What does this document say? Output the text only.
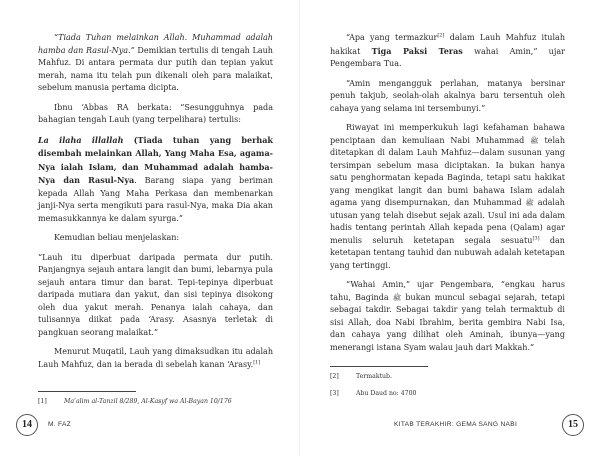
“Tiada Tuhan melainkan Allah. Muhammad adalah hamba dan Rasul-Nya.” Demikian tertulis di tengah Lauh Mahfuz. Di antara permata dur putih dan tepian yakut merah, nama itu telah pun dikenali oleh para malaikat, sebelum manusia pertama dicipta.

Ibnu ‘Abbas RA berkata: “Sesungguhnya pada bahagian tengah Lauh (yang terpelihara) tertulis:

La ilaha illallah (Tiada tuhan yang berhak disembah melainkan Allah, Yang Maha Esa, agama-Nya ialah Islam, dan Muhammad adalah hamba-Nya dan Rasul-Nya. Barang siapa yang beriman kepada Allah Yang Maha Perkasa dan membenarkan janji-Nya serta mengikuti para rasul-Nya, maka Dia akan memasukkannya ke dalam syurga.”

Kemudian beliau menjelaskan:

“Lauh itu diperbuat daripada permata dur putih. Panjangnya sejauh antara langit dan bumi, lebarnya pula sejauh antara timur dan barat. Tepi-tepinya diperbuat daripada mutiara dan yakut, dan sisi tepinya disokong oleh dua yakut merah. Penanya ialah cahaya, dan tulisannya diikat pada ‘Arasy. Asasnya terletak di pangkuan seorang malaikat.”

Menurut Muqatil, Lauh yang dimaksudkan itu adalah Lauh Mahfuz, dan ia berada di sebelah kanan ‘Arasy.[1]

[1]	Ma‘alim al-Tanzil 8/289, Al-Kasyf wa Al-Bayan 10/176
14	M. FAZ

“Apa yang termazkur[2] dalam Lauh Mahfuz itulah hakikat Tiga Paksi Teras wahai Amin,” ujar Pengembara Tua.

“Amin mengangguk perlahan, matanya bersinar penuh takjub, seolah-olah akalnya baru tersentuh oleh cahaya yang selama ini tersembunyi.”

Riwayat ini memperkukuh lagi kefahaman bahawa penciptaan dan kemuliaan Nabi Muhammad ﷺ telah ditetapkan di dalam Lauh Mahfuz—dalam susunan yang tersimpan sebelum masa diciptakan. Ia bukan hanya satu penghormatan kepada Baginda, tetapi satu hakikat yang mengikat langit dan bumi bahawa Islam adalah agama yang disempurnakan, dan Muhammad ﷺ adalah utusan yang telah disebut sejak azali. Usul ini ada dalam hadis tentang perintah Allah kepada pena (Qalam) agar menulis seluruh ketetapan segala sesuatu[3] dan ketetapan tentang tauhid dan nubuwah adalah ketetapan yang tertinggi.

“Wahai Amin,” ujar Pengembara, “engkau harus tahu, Baginda ﷺ bukan muncul sebagai sejarah, tetapi sebagai takdir. Sebagai takdir yang telah termaktub di sisi Allah, doa Nabi Ibrahim, berita gembira Nabi Isa, dan cahaya yang dilihat oleh Aminah, ibunya—yang menerangi istana Syam walau jauh dari Makkah.”

[2]	Termaktub.
[3]	Abu Daud no: 4700
KITAB TERAKHIR: GEMA SANG NABI	15
